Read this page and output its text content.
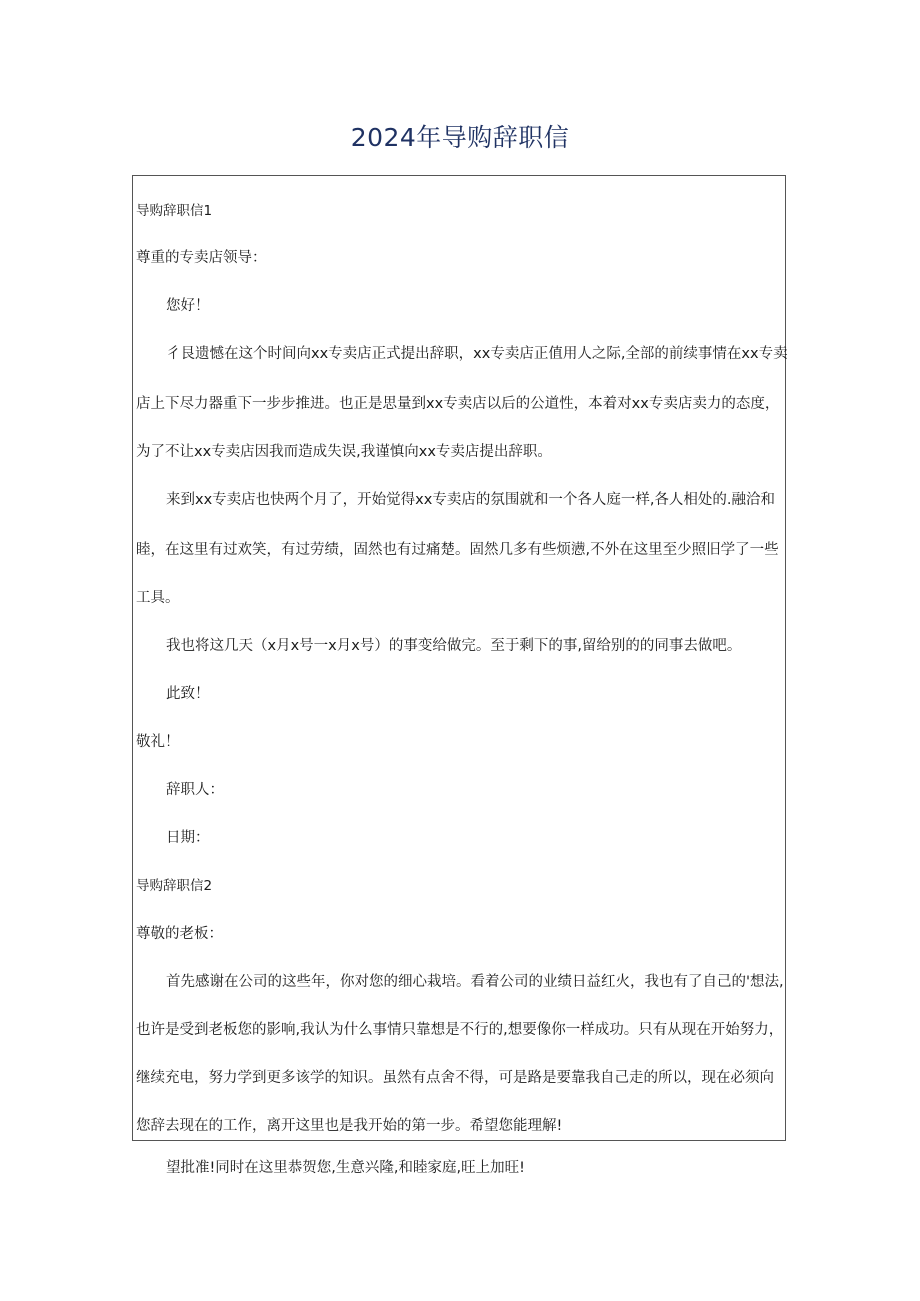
2024年导购辞职信
导购辞职信1
尊重的专卖店领导：
您好！
彳艮遗憾在这个时间向xx专卖店正式提出辞职，xx专卖店正值用人之际,全部的前续事情在xx专卖
店上下尽力器重下一步步推进。也正是思量到xx专卖店以后的公道性，本着对xx专卖店卖力的态度，
为了不让xx专卖店因我而造成失误,我谨慎向xx专卖店提出辞职。
来到xx专卖店也快两个月了，开始觉得xx专卖店的氛围就和一个各人庭一样,各人相处的.融洽和
睦，在这里有过欢笑，有过劳绩，固然也有过痛楚。固然几多有些烦懑,不外在这里至少照旧学了一些
工具。
我也将这几天（x月x号一x月x号）的事变给做完。至于剩下的事,留给别的的同事去做吧。
此致！
敬礼！
辞职人：
日期：
导购辞职信2
尊敬的老板：
首先感谢在公司的这些年，你对您的细心栽培。看着公司的业绩日益红火，我也有了自己的'想法,
也许是受到老板您的影响,我认为什么事情只靠想是不行的,想要像你一样成功。只有从现在开始努力，
继续充电，努力学到更多该学的知识。虽然有点舍不得，可是路是要靠我自己走的所以，现在必须向
您辞去现在的工作，离开这里也是我开始的第一步。希望您能理解!
望批准!同时在这里恭贺您,生意兴隆,和睦家庭,旺上加旺!
